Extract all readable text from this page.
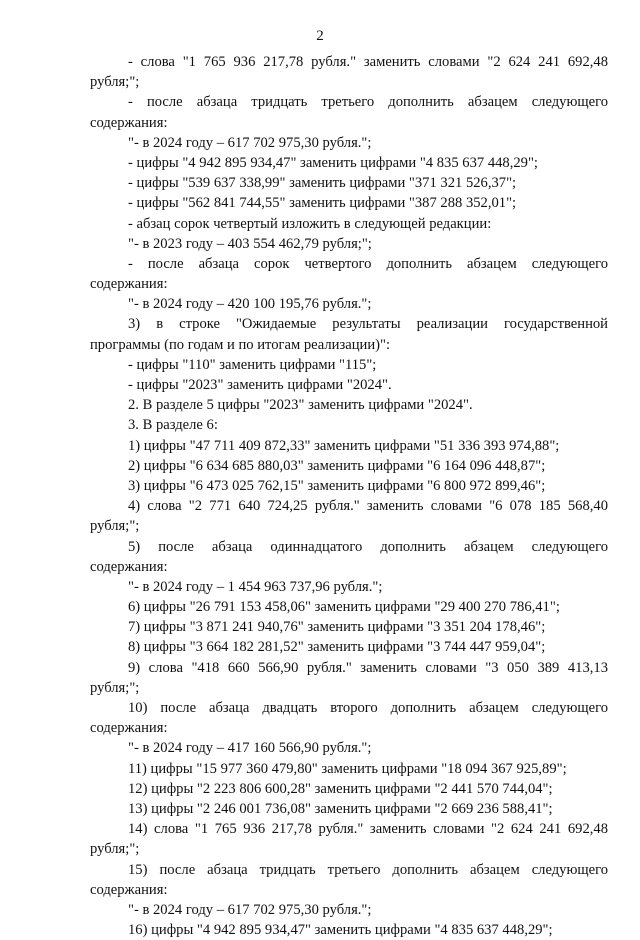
2
- слова "1 765 936 217,78 рубля." заменить словами "2 624 241 692,48
рубля;";
- после абзаца тридцать третьего дополнить абзацем следующего
содержания:
"- в 2024 году – 617 702 975,30 рубля.";
- цифры "4 942 895 934,47" заменить цифрами "4 835 637 448,29";
- цифры "539 637 338,99" заменить цифрами "371 321 526,37";
- цифры "562 841 744,55" заменить цифрами "387 288 352,01";
- абзац сорок четвертый изложить в следующей редакции:
"- в 2023 году – 403 554 462,79 рубля;";
- после абзаца сорок четвертого дополнить абзацем следующего
содержания:
"- в 2024 году – 420 100 195,76 рубля.";
3) в строке "Ожидаемые результаты реализации государственной
программы (по годам и по итогам реализации)":
- цифры "110" заменить цифрами "115";
- цифры "2023" заменить цифрами "2024".
2. В разделе 5 цифры "2023" заменить цифрами "2024".
3. В разделе 6:
1) цифры "47 711 409 872,33" заменить цифрами "51 336 393 974,88";
2) цифры "6 634 685 880,03" заменить цифрами "6 164 096 448,87";
3) цифры "6 473 025 762,15" заменить цифрами "6 800 972 899,46";
4) слова "2 771 640 724,25 рубля." заменить словами "6 078 185 568,40
рубля;";
5) после абзаца одиннадцатого дополнить абзацем следующего
содержания:
"- в 2024 году – 1 454 963 737,96 рубля.";
6) цифры "26 791 153 458,06" заменить цифрами "29 400 270 786,41";
7) цифры "3 871 241 940,76" заменить цифрами "3 351 204 178,46";
8) цифры "3 664 182 281,52" заменить цифрами "3 744 447 959,04";
9) слова "418 660 566,90 рубля." заменить словами "3 050 389 413,13
рубля;";
10) после абзаца двадцать второго дополнить абзацем следующего
содержания:
"- в 2024 году – 417 160 566,90 рубля.";
11) цифры "15 977 360 479,80" заменить цифрами "18 094 367 925,89";
12) цифры "2 223 806 600,28" заменить цифрами "2 441 570 744,04";
13) цифры "2 246 001 736,08" заменить цифрами "2 669 236 588,41";
14) слова "1 765 936 217,78 рубля." заменить словами "2 624 241 692,48
рубля;";
15) после абзаца тридцать третьего дополнить абзацем следующего
содержания:
"- в 2024 году – 617 702 975,30 рубля.";
16) цифры "4 942 895 934,47" заменить цифрами "4 835 637 448,29";
